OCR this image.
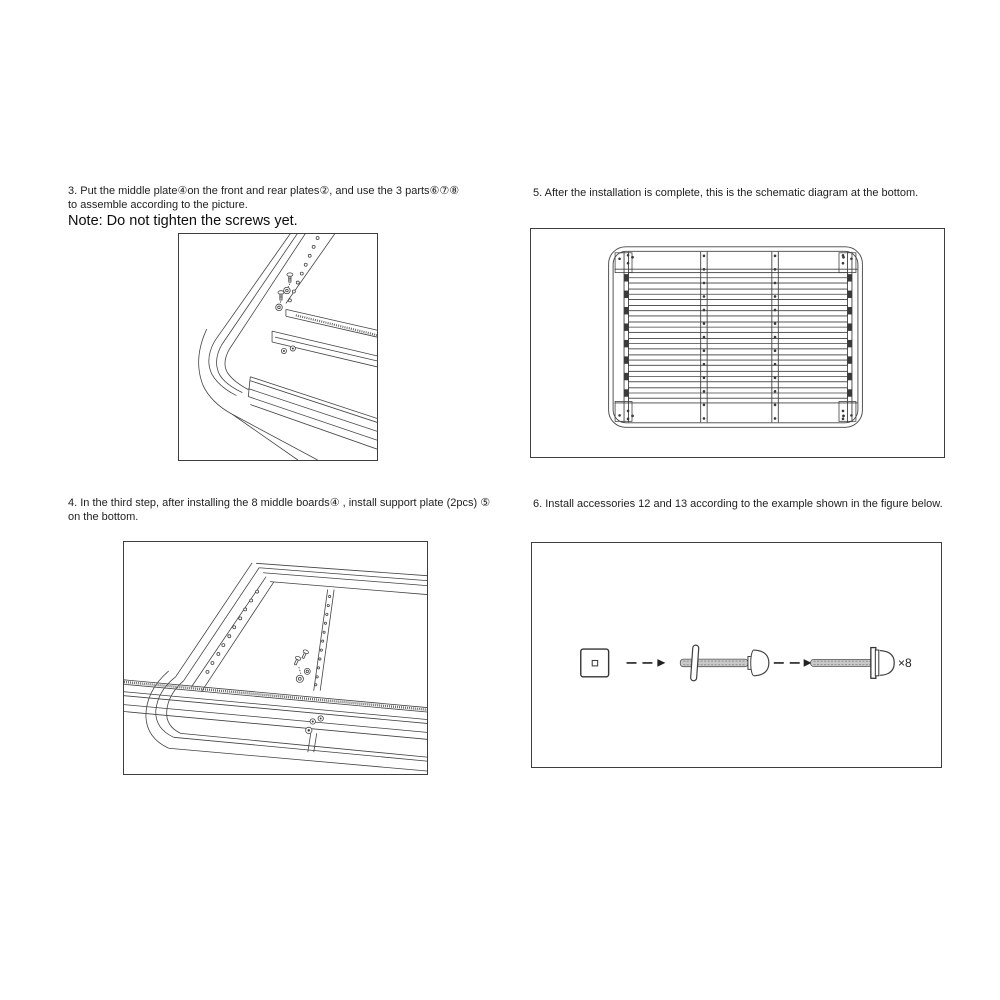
3. Put the middle plate④on the front and rear plates②, and use the 3 parts⑥⑦⑧
to assemble according to the picture.
Note: Do not tighten the screws yet.
5. After the installation is complete, this is the schematic diagram at the bottom.
4. In the third step, after installing the 8 middle boards④ , install support plate (2pcs) ⑤
on the bottom.
6. Install accessories 12 and 13 according to the example shown in the figure below.
×8
